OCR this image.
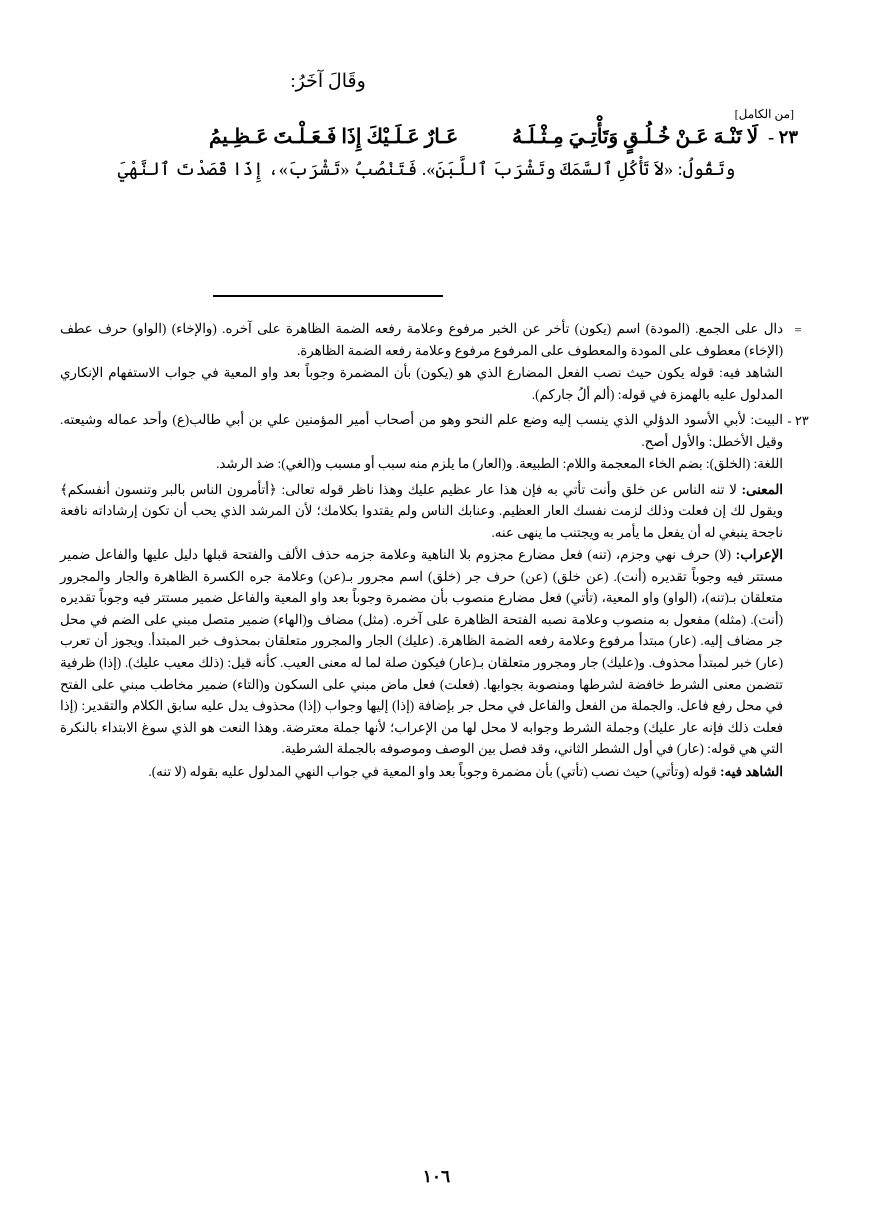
وقَالَ آخَرُ:
[من الكامل]
٢٣ -
لَا تَنْـهَ عَـنْ خُـلُـقٍ وَتَأْتِـيَ مِـثْـلَـهُ
عَـارٌ عَـلَـيْكَ إِذَا فَـعَـلْـتَ عَـظِـيمُ
وتَقُولُ: «لاَ تَأْكُلِ ٱلسَّمَكَ وتَشْرَبَ ٱللَّبَنَ». فَتَنْصُبُ «تَشْرَبَ»، إِذَا قَصَدْتَ ٱلنَّهْيَ
=

دال على الجمع. (المودة) اسم (يكون) تأخر عن الخبر مرفوع وعلامة رفعه الضمة الظاهرة على آخره. (والإخاء) (الواو) حرف عطف (الإخاء) معطوف على المودة والمعطوف على المرفوع مرفوع وعلامة رفعه الضمة الظاهرة.

الشاهد فيه: قوله يكون حيث نصب الفعل المضارع الذي هو (يكون) بأن المضمرة وجوباً بعد واو المعية في جواب الاستفهام الإنكاري المدلول عليه بالهمزة في قوله: (ألم ألُ جاركم).

٢٣ -

البيت: لأبي الأسود الدؤلي الذي ينسب إليه وضع علم النحو وهو من أصحاب أمير المؤمنين علي بن أبي طالب(ع) وأحد عماله وشيعته. وقيل الأخطل: والأول أصح.

اللغة: (الخلق): بضم الخاء المعجمة واللام: الطبيعة. و(العار) ما يلزم منه سبب أو مسبب و(الغي): ضد الرشد.

المعنى: لا تنه الناس عن خلق وأنت تأتي به فإن هذا عار عظيم عليك وهذا ناظر قوله تعالى: ﴿أتأمرون الناس بالبر وتنسون أنفسكم﴾ ويقول لك إن فعلت وذلك لزمت نفسك العار العظيم. وعنابك الناس ولم يقتدوا بكلامك؛ لأن المرشد الذي يحب أن تكون إرشاداته نافعة ناجحة ينبغي له أن يفعل ما يأمر به ويجتنب ما ينهى عنه.

الإعراب: (لا) حرف نهي وجزم، (تنه) فعل مضارع مجزوم بلا الناهية وعلامة جزمه حذف الألف والفتحة قبلها دليل عليها والفاعل ضمير مستتر فيه وجوباً تقديره (أنت). (عن خلق) (عن) حرف جر (خلق) اسم مجرور بـ(عن) وعلامة جره الكسرة الظاهرة والجار والمجرور متعلقان بـ(تنه)، (الواو) واو المعية، (تأتي) فعل مضارع منصوب بأن مضمرة وجوباً بعد واو المعية والفاعل ضمير مستتر فيه وجوباً تقديره (أنت). (مثله) مفعول به منصوب وعلامة نصبه الفتحة الظاهرة على آخره. (مثل) مضاف و(الهاء) ضمير متصل مبني على الضم في محل جر مضاف إليه. (عار) مبتدأ مرفوع وعلامة رفعه الضمة الظاهرة. (عليك) الجار والمجرور متعلقان بمحذوف خبر المبتدأ. ويجوز أن تعرب (عار) خبر لمبتدأ محذوف. و(عليك) جار ومجرور متعلقان بـ(عار) فيكون صلة لما له معنى العيب. كأنه قيل: (ذلك معيب عليك). (إذا) ظرفية تتضمن معنى الشرط خافضة لشرطها ومنصوبة بجوابها. (فعلت) فعل ماض مبني على السكون و(التاء) ضمير مخاطب مبني على الفتح في محل رفع فاعل. والجملة من الفعل والفاعل في محل جر بإضافة (إذا) إليها وجواب (إذا) محذوف يدل عليه سابق الكلام والتقدير: (إذا فعلت ذلك فإنه عار عليك) وجملة الشرط وجوابه لا محل لها من الإعراب؛ لأنها جملة معترضة. وهذا النعت هو الذي سوغ الابتداء بالنكرة التي هي قوله: (عار) في أول الشطر الثاني، وقد فصل بين الوصف وموصوفه بالجملة الشرطية.

الشاهد فيه: قوله (وتأتي) حيث نصب (تأتي) بأن مضمرة وجوباً بعد واو المعية في جواب النهي المدلول عليه بقوله (لا تنه).

١٠٦
